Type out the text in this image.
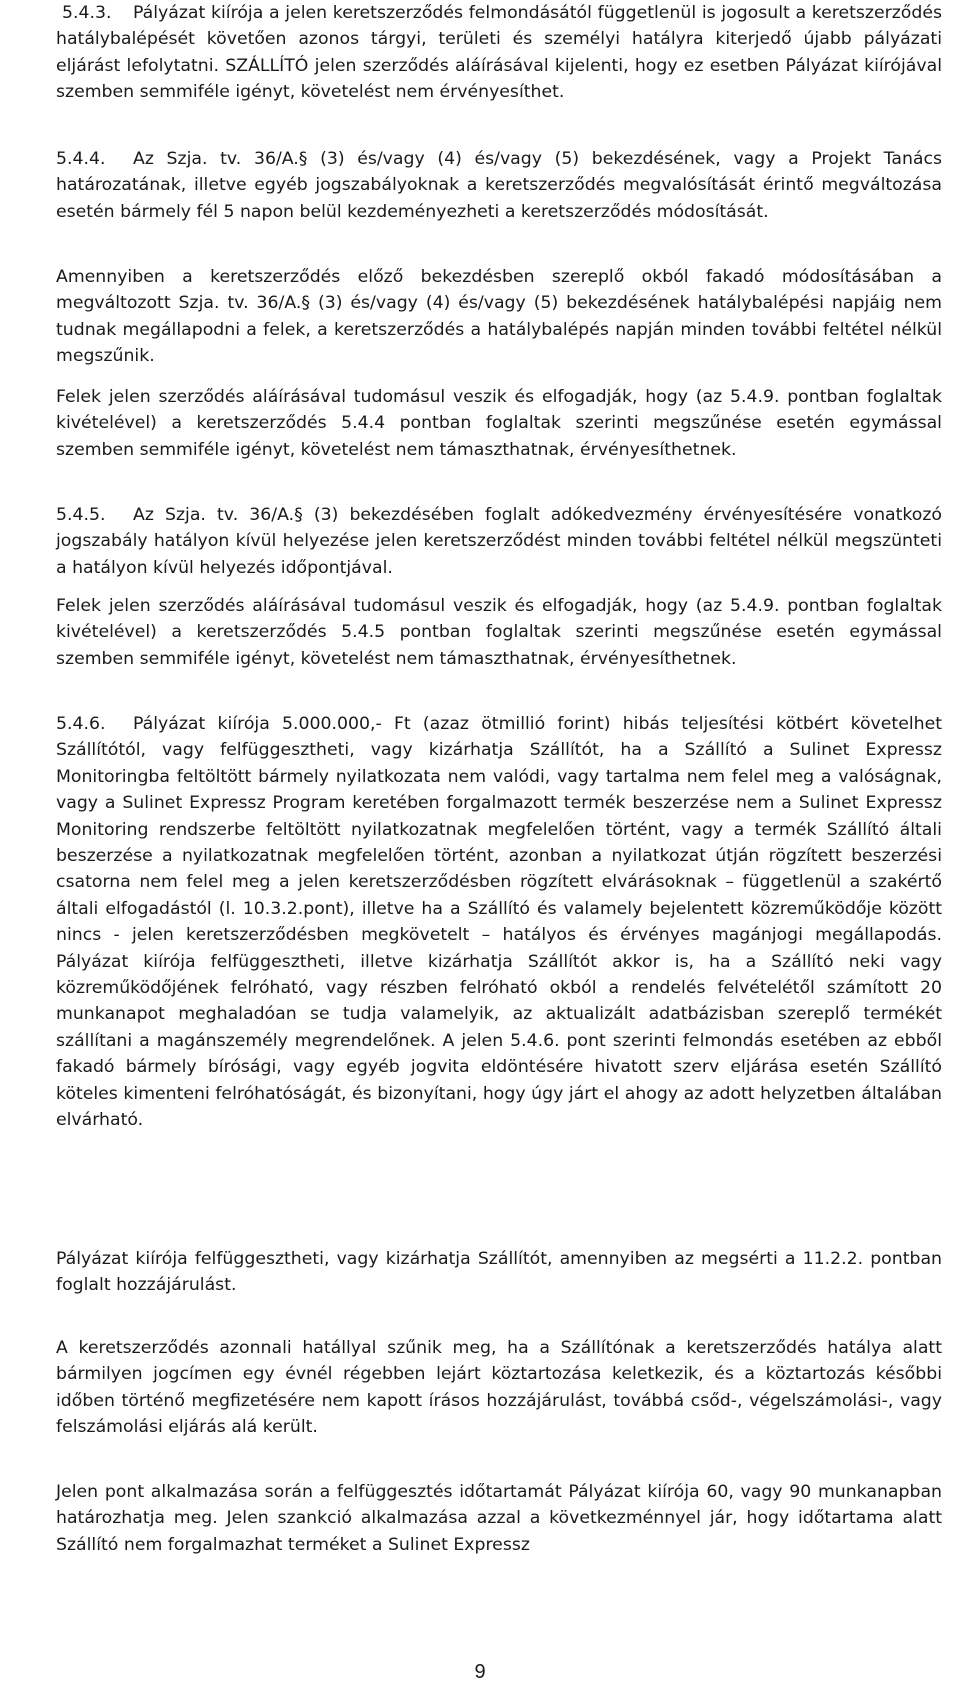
5.4.3. Pályázat kiírója a jelen keretszerződés felmondásától függetlenül is jogosult a keretszerződés hatálybalépését követően azonos tárgyi, területi és személyi hatályra kiterjedő újabb pályázati eljárást lefolytatni. SZÁLLÍTÓ jelen szerződés aláírásával kijelenti, hogy ez esetben Pályázat kiírójával szemben semmiféle igényt, követelést nem érvényesíthet.
5.4.4. Az Szja. tv. 36/A.§ (3) és/vagy (4) és/vagy (5) bekezdésének, vagy a Projekt Tanács határozatának, illetve egyéb jogszabályoknak a keretszerződés megvalósítását érintő megváltozása esetén bármely fél 5 napon belül kezdeményezheti a keretszerződés módosítását.
Amennyiben a keretszerződés előző bekezdésben szereplő okból fakadó módosításában a megváltozott Szja. tv. 36/A.§ (3) és/vagy (4) és/vagy (5) bekezdésének hatálybalépési napjáig nem tudnak megállapodni a felek, a keretszerződés a hatálybalépés napján minden további feltétel nélkül megszűnik.
Felek jelen szerződés aláírásával tudomásul veszik és elfogadják, hogy (az 5.4.9. pontban foglaltak kivételével) a keretszerződés 5.4.4 pontban foglaltak szerinti megszűnése esetén egymással szemben semmiféle igényt, követelést nem támaszthatnak, érvényesíthetnek.
5.4.5. Az Szja. tv. 36/A.§ (3) bekezdésében foglalt adókedvezmény érvényesítésére vonatkozó jogszabály hatályon kívül helyezése jelen keretszerződést minden további feltétel nélkül megszünteti a hatályon kívül helyezés időpontjával.
Felek jelen szerződés aláírásával tudomásul veszik és elfogadják, hogy (az 5.4.9. pontban foglaltak kivételével) a keretszerződés 5.4.5 pontban foglaltak szerinti megszűnése esetén egymással szemben semmiféle igényt, követelést nem támaszthatnak, érvényesíthetnek.
5.4.6. Pályázat kiírója 5.000.000,- Ft (azaz ötmillió forint) hibás teljesítési kötbért követelhet Szállítótól, vagy felfüggesztheti, vagy kizárhatja Szállítót, ha a Szállító a Sulinet Expressz Monitoringba feltöltött bármely nyilatkozata nem valódi, vagy tartalma nem felel meg a valóságnak, vagy a Sulinet Expressz Program keretében forgalmazott termék beszerzése nem a Sulinet Expressz Monitoring rendszerbe feltöltött nyilatkozatnak megfelelően történt, vagy a termék Szállító általi beszerzése a nyilatkozatnak megfelelően történt, azonban a nyilatkozat útján rögzített beszerzési csatorna nem felel meg a jelen keretszerződésben rögzített elvárásoknak – függetlenül a szakértő általi elfogadástól (l. 10.3.2.pont), illetve ha a Szállító és valamely bejelentett közreműködője között nincs - jelen keretszerződésben megkövetelt – hatályos és érvényes magánjogi megállapodás. Pályázat kiírója felfüggesztheti, illetve kizárhatja Szállítót akkor is, ha a Szállító neki vagy közreműködőjének felróható, vagy részben felróható okból a rendelés felvételétől számított 20 munkanapot meghaladóan se tudja valamelyik, az aktualizált adatbázisban szereplő termékét szállítani a magánszemély megrendelőnek. A jelen 5.4.6. pont szerinti felmondás esetében az ebből fakadó bármely bírósági, vagy egyéb jogvita eldöntésére hivatott szerv eljárása esetén Szállító köteles kimenteni felróhatóságát, és bizonyítani, hogy úgy járt el ahogy az adott helyzetben általában elvárható.
Pályázat kiírója felfüggesztheti, vagy kizárhatja Szállítót, amennyiben az megsérti a 11.2.2. pontban foglalt hozzájárulást.
A keretszerződés azonnali hatállyal szűnik meg, ha a Szállítónak a keretszerződés hatálya alatt bármilyen jogcímen egy évnél régebben lejárt köztartozása keletkezik, és a köztartozás későbbi időben történő megfizetésére nem kapott írásos hozzájárulást, továbbá csőd-, végelszámolási-, vagy felszámolási eljárás alá került.
Jelen pont alkalmazása során a felfüggesztés időtartamát Pályázat kiírója 60, vagy 90 munkanapban határozhatja meg. Jelen szankció alkalmazása azzal a következménnyel jár, hogy időtartama alatt Szállító nem forgalmazhat terméket a Sulinet Expressz
9
